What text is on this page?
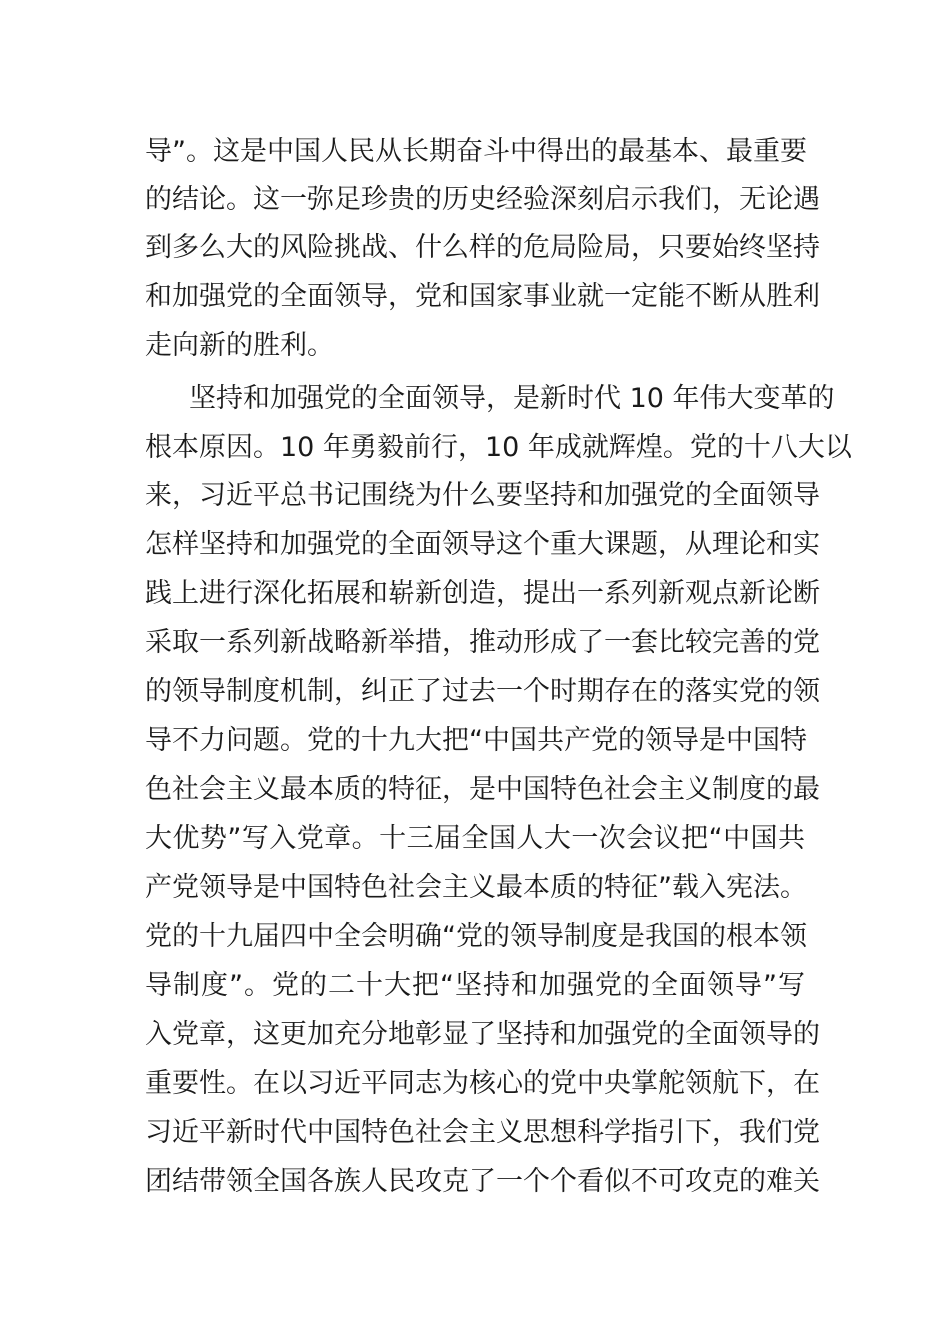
导”。这是中国人民从长期奋斗中得出的最基本、最重要
的结论。这一弥足珍贵的历史经验深刻启示我们，无论遇
到多么大的风险挑战、什么样的危局险局，只要始终坚持
和加强党的全面领导，党和国家事业就一定能不断从胜利
走向新的胜利。
坚持和加强党的全面领导，是新时代 10 年伟大变革的
根本原因。10 年勇毅前行，10 年成就辉煌。党的十八大以
来，习近平总书记围绕为什么要坚持和加强党的全面领导
怎样坚持和加强党的全面领导这个重大课题，从理论和实
践上进行深化拓展和崭新创造，提出一系列新观点新论断
采取一系列新战略新举措，推动形成了一套比较完善的党
的领导制度机制，纠正了过去一个时期存在的落实党的领
导不力问题。党的十九大把“中国共产党的领导是中国特
色社会主义最本质的特征，是中国特色社会主义制度的最
大优势”写入党章。十三届全国人大一次会议把“中国共
产党领导是中国特色社会主义最本质的特征”载入宪法。
党的十九届四中全会明确“党的领导制度是我国的根本领
导制度”。党的二十大把“坚持和加强党的全面领导”写
入党章，这更加充分地彰显了坚持和加强党的全面领导的
重要性。在以习近平同志为核心的党中央掌舵领航下，在
习近平新时代中国特色社会主义思想科学指引下，我们党
团结带领全国各族人民攻克了一个个看似不可攻克的难关
